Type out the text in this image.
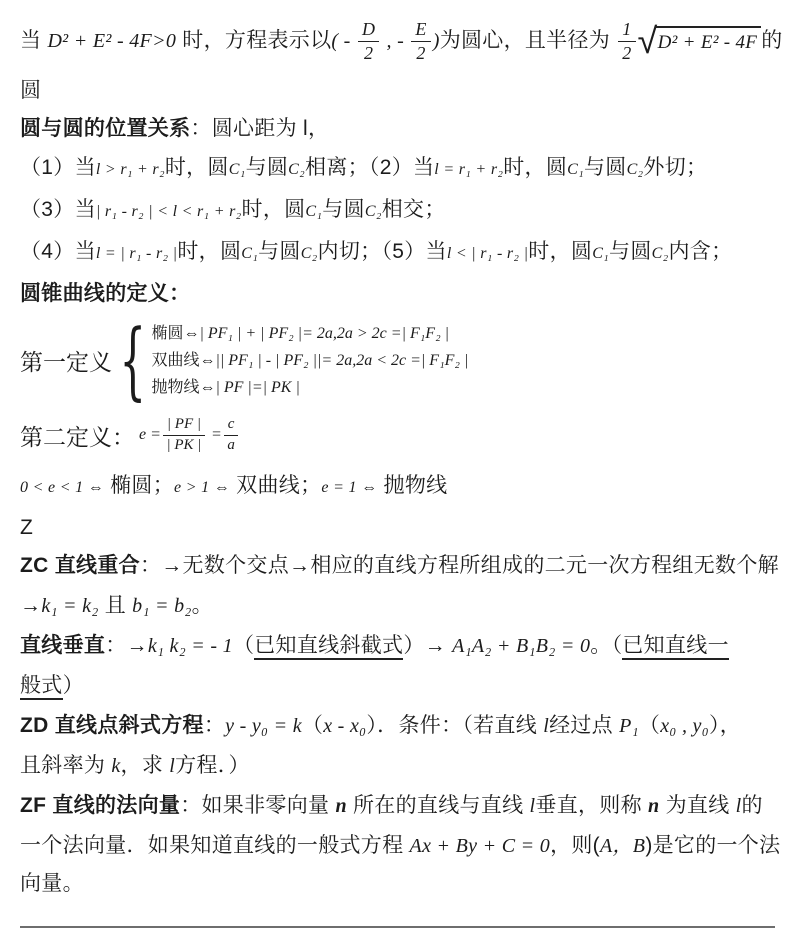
当 D² + E² - 4F>0 时，方程表示以( - $\frac{D}{2}$ , - $\frac{E}{2}$ )为圆心，且半径为 $\frac{1}{2}$ √ D² + E² - 4F 的
圆
圆与圆的位置关系：圆心距为 l，
（1）当l > r₁ + r₂时，圆C₁与圆C₂相离；（2）当l = r₁ + r₂时，圆C₁与圆C₂外切；
（3）当| r₁ - r₂ | < l < r₁ + r₂时，圆C₁与圆C₂相交；
（4）当l = | r₁ - r₂ |时，圆C₁与圆C₂内切；（5）当l < | r₁ - r₂ |时，圆C₁与圆C₂内含；
圆锥曲线的定义：
第一定义 { 椭圆⇔| PF₁ | + | PF₂ |= 2a,2a > 2c =| F₁F₂ |
双曲线⇔|| PF₁ | - | PF₂ ||= 2a,2a < 2c =| F₁F₂ |
抛物线⇔| PF |=| PK |
第二定义： $e = \frac{| PF |}{| PK |} = \frac{c}{a}$
0 < e < 1 ⇔ 椭圆；e > 1 ⇔ 双曲线；e = 1 ⇔ 抛物线
Z
ZC 直线重合：→无数个交点→相应的直线方程所组成的二元一次方程组无数个解
→k₁ = k₂ 且 b₁ = b₂。
直线垂直：→k₁ k₂ = - 1（已知直线斜截式）→ A₁A₂ + B₁B₂ = 0。（已知直线一
般式）
ZD 直线点斜式方程：y - y₀ = k（x - x₀）．条件：（若直线 l经过点 P₁（x₀ , y₀），
且斜率为 k，求 l方程．）
ZF 直线的法向量：如果非零向量 n 所在的直线与直线 l垂直，则称 n 为直线 l的
一个法向量．如果知道直线的一般式方程 Ax + By + C = 0，则(A，B)是它的一个法
向量。
